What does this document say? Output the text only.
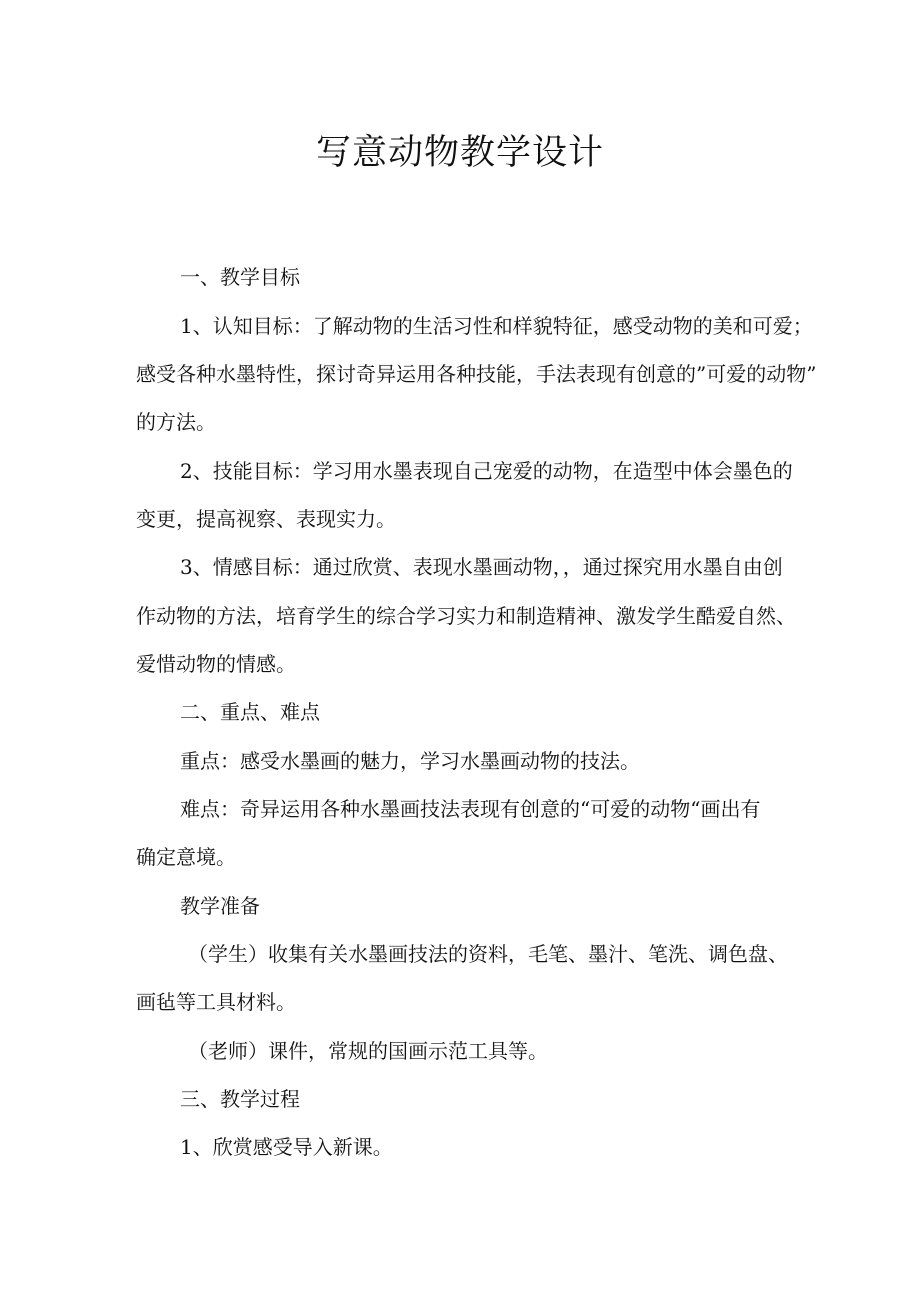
写意动物教学设计

一、教学目标

1、认知目标：了解动物的生活习性和样貌特征，感受动物的美和可爱；

感受各种水墨特性，探讨奇异运用各种技能，手法表现有创意的”可爱的动物”

的方法。

2、技能目标：学习用水墨表现自己宠爱的动物，在造型中体会墨色的

变更，提高视察、表现实力。

3、情感目标：通过欣赏、表现水墨画动物，，通过探究用水墨自由创

作动物的方法，培育学生的综合学习实力和制造精神、激发学生酷爱自然、

爱惜动物的情感。

二、重点、难点

重点：感受水墨画的魅力，学习水墨画动物的技法。

难点：奇异运用各种水墨画技法表现有创意的“可爱的动物“画出有

确定意境。

教学准备

（学生）收集有关水墨画技法的资料，毛笔、墨汁、笔洗、调色盘、

画毡等工具材料。

（老师）课件，常规的国画示范工具等。

三、教学过程

1、欣赏感受导入新课。
